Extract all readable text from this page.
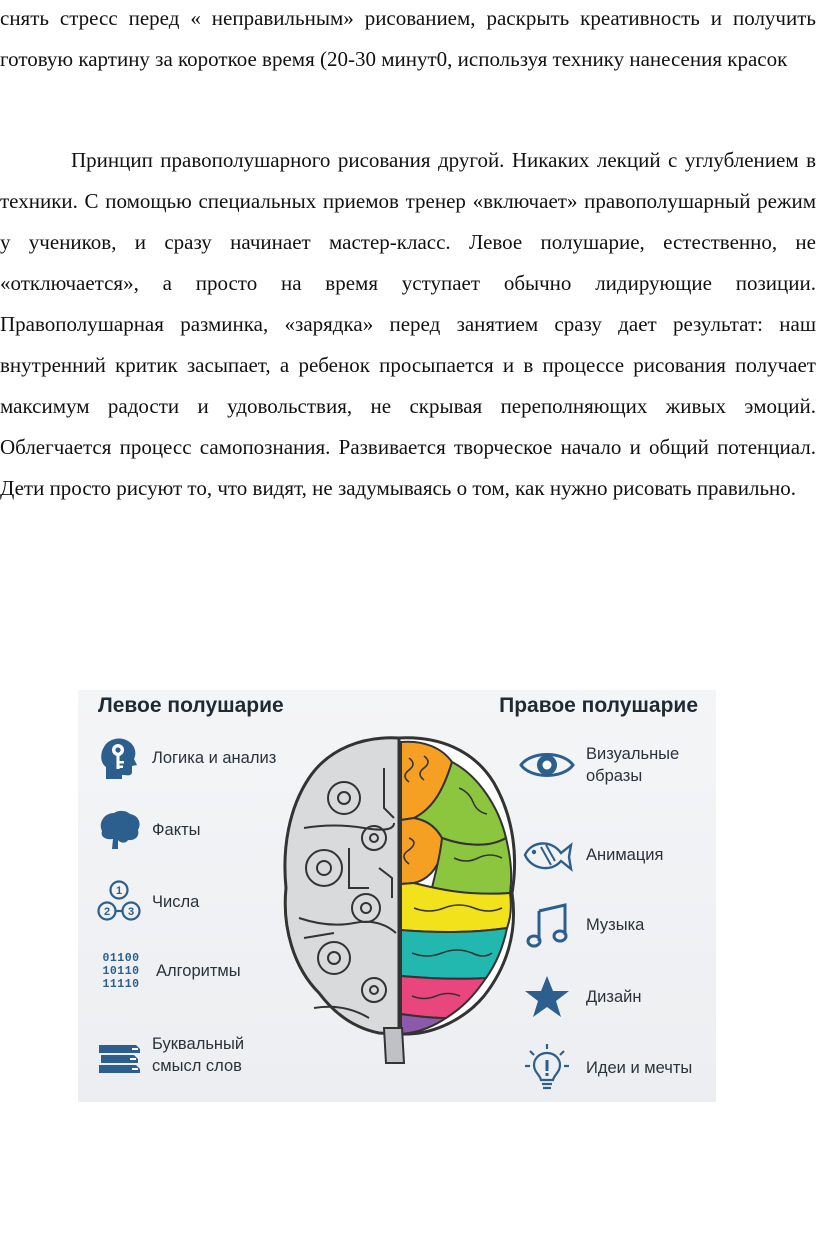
снять стресс перед « неправильным» рисованием, раскрыть креативность и получить готовую картину за короткое время (20-30 минут0, используя технику нанесения красок

Принцип правополушарного рисования другой. Никаких лекций с углублением в техники. С помощью специальных приемов тренер «включает» правополушарный режим у учеников, и сразу начинает мастер-класс. Левое полушарие, естественно, не «отключается», а просто на время уступает обычно лидирующие позиции. Правополушарная разминка, «зарядка» перед занятием сразу дает результат: наш внутренний критик засыпает, а ребенок просыпается и в процессе рисования получает максимум радости и удовольствия, не скрывая переполняющих живых эмоций. Облегчается процесс самопознания. Развивается творческое начало и общий потенциал. Дети просто рисуют то, что видят, не задумываясь о том, как нужно рисовать правильно.

Левое полушарие	Правое полушарие
Логика и анализ
Факты
1
2 3
Числа
01100
10110
11110
Алгоритмы
Буквальный
смысл слов
Визуальные
образы
Анимация
Музыка
Дизайн
Идеи и мечты
